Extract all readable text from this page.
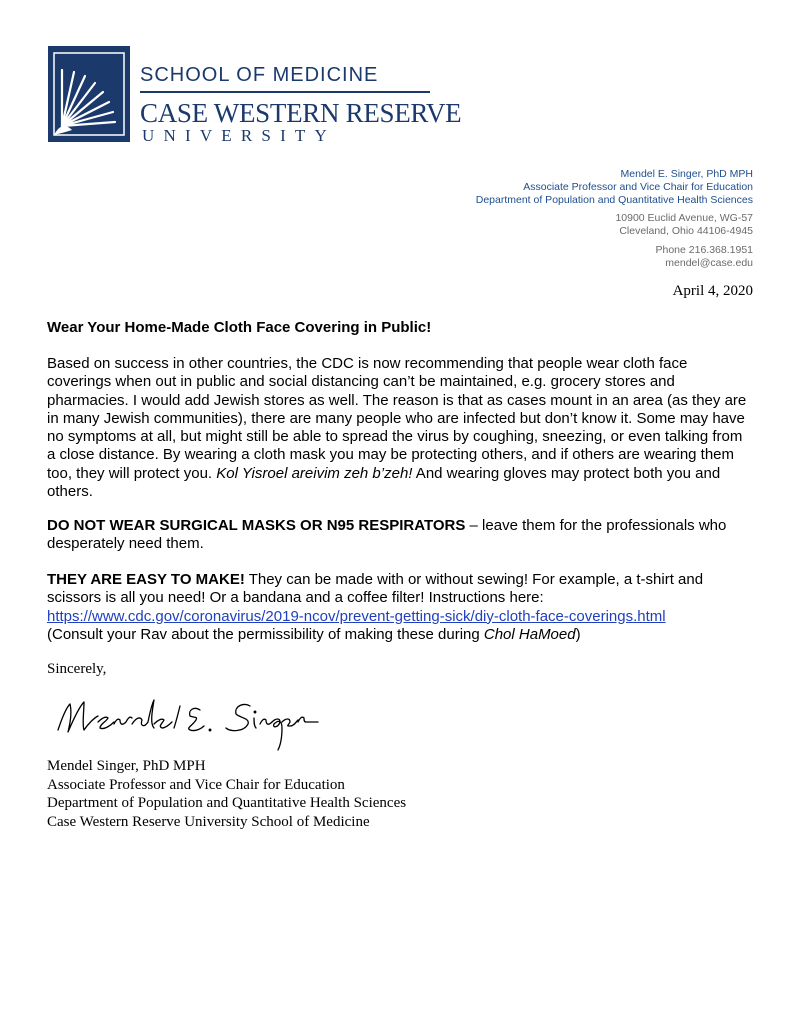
SCHOOL OF MEDICINE
CASE WESTERN RESERVE
UNIVERSITY
Mendel E. Singer, PhD MPH
Associate Professor and Vice Chair for Education
Department of Population and Quantitative Health Sciences
10900 Euclid Avenue, WG-57
Cleveland, Ohio 44106-4945
Phone 216.368.1951
mendel@case.edu
April 4, 2020
Wear Your Home-Made Cloth Face Covering in Public!
Based on success in other countries, the CDC is now recommending that people wear cloth face coverings when out in public and social distancing can’t be maintained, e.g. grocery stores and pharmacies. I would add Jewish stores as well. The reason is that as cases mount in an area (as they are in many Jewish communities), there are many people who are infected but don’t know it. Some may have no symptoms at all, but might still be able to spread the virus by coughing, sneezing, or even talking from a close distance. By wearing a cloth mask you may be protecting others, and if others are wearing them too, they will protect you. Kol Yisroel areivim zeh b’zeh! And wearing gloves may protect both you and others.
DO NOT WEAR SURGICAL MASKS OR N95 RESPIRATORS – leave them for the professionals who desperately need them.
THEY ARE EASY TO MAKE! They can be made with or without sewing! For example, a t-shirt and scissors is all you need! Or a bandana and a coffee filter! Instructions here:
https://www.cdc.gov/coronavirus/2019-ncov/prevent-getting-sick/diy-cloth-face-coverings.html
(Consult your Rav about the permissibility of making these during Chol HaMoed)
Sincerely,
Mendel Singer, PhD MPH
Associate Professor and Vice Chair for Education
Department of Population and Quantitative Health Sciences
Case Western Reserve University School of Medicine
